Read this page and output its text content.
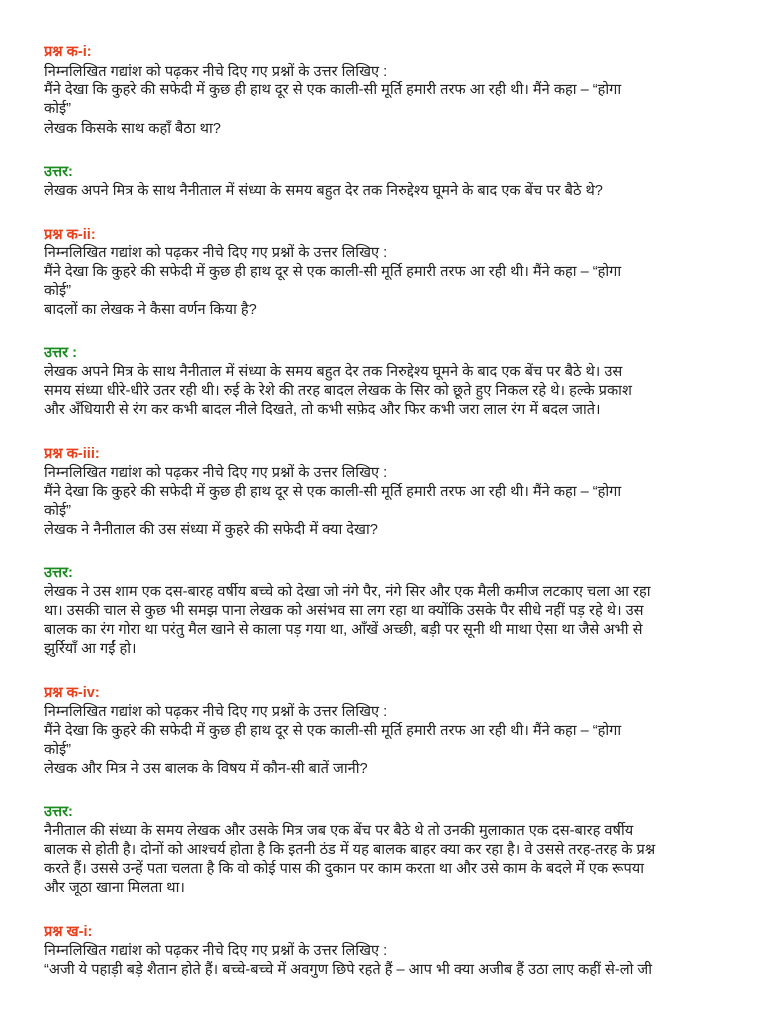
प्रश्न क-i:
निम्नलिखित गद्यांश को पढ़कर नीचे दिए गए प्रश्नों के उत्तर लिखिए :
मैंने देखा कि कुहरे की सफेदी में कुछ ही हाथ दूर से एक काली-सी मूर्ति हमारी तरफ आ रही थी। मैंने कहा – “होगा
कोई”
लेखक किसके साथ कहाँ बैठा था?
उत्तर:
लेखक अपने मित्र के साथ नैनीताल में संध्या के समय बहुत देर तक निरुद्देश्य घूमने के बाद एक बेंच पर बैठे थे?
प्रश्न क-ii:
निम्नलिखित गद्यांश को पढ़कर नीचे दिए गए प्रश्नों के उत्तर लिखिए :
मैंने देखा कि कुहरे की सफेदी में कुछ ही हाथ दूर से एक काली-सी मूर्ति हमारी तरफ आ रही थी। मैंने कहा – “होगा
कोई”
बादलों का लेखक ने कैसा वर्णन किया है?
उत्तर :
लेखक अपने मित्र के साथ नैनीताल में संध्या के समय बहुत देर तक निरुद्देश्य घूमने के बाद एक बेंच पर बैठे थे। उस
समय संध्या धीरे-धीरे उतर रही थी। रुई के रेशे की तरह बादल लेखक के सिर को छूते हुए निकल रहे थे। हल्के प्रकाश
और अँधियारी से रंग कर कभी बादल नीले दिखते, तो कभी सफ़ेद और फिर कभी जरा लाल रंग में बदल जाते।
प्रश्न क-iii:
निम्नलिखित गद्यांश को पढ़कर नीचे दिए गए प्रश्नों के उत्तर लिखिए :
मैंने देखा कि कुहरे की सफेदी में कुछ ही हाथ दूर से एक काली-सी मूर्ति हमारी तरफ आ रही थी। मैंने कहा – “होगा
कोई”
लेखक ने नैनीताल की उस संध्या में कुहरे की सफेदी में क्या देखा?
उत्तर:
लेखक ने उस शाम एक दस-बारह वर्षीय बच्चे को देखा जो नंगे पैर, नंगे सिर और एक मैली कमीज लटकाए चला आ रहा
था। उसकी चाल से कुछ भी समझ पाना लेखक को असंभव सा लग रहा था क्योंकि उसके पैर सीधे नहीं पड़ रहे थे। उस
बालक का रंग गोरा था परंतु मैल खाने से काला पड़ गया था, आँखें अच्छी, बड़ी पर सूनी थी माथा ऐसा था जैसे अभी से
झुर्रियाँ आ गईं हो।
प्रश्न क-iv:
निम्नलिखित गद्यांश को पढ़कर नीचे दिए गए प्रश्नों के उत्तर लिखिए :
मैंने देखा कि कुहरे की सफेदी में कुछ ही हाथ दूर से एक काली-सी मूर्ति हमारी तरफ आ रही थी। मैंने कहा – “होगा
कोई”
लेखक और मित्र ने उस बालक के विषय में कौन-सी बातें जानी?
उत्तर:
नैनीताल की संध्या के समय लेखक और उसके मित्र जब एक बेंच पर बैठे थे तो उनकी मुलाकात एक दस-बारह वर्षीय
बालक से होती है। दोनों को आश्चर्य होता है कि इतनी ठंड में यह बालक बाहर क्या कर रहा है। वे उससे तरह-तरह के प्रश्न
करते हैं। उससे उन्हें पता चलता है कि वो कोई पास की दुकान पर काम करता था और उसे काम के बदले में एक रूपया
और जूठा खाना मिलता था।
प्रश्न ख-i:
निम्नलिखित गद्यांश को पढ़कर नीचे दिए गए प्रश्नों के उत्तर लिखिए :
“अजी ये पहाड़ी बड़े शैतान होते हैं। बच्चे-बच्चे में अवगुण छिपे रहते हैं – आप भी क्या अजीब हैं उठा लाए कहीं से-लो जी
